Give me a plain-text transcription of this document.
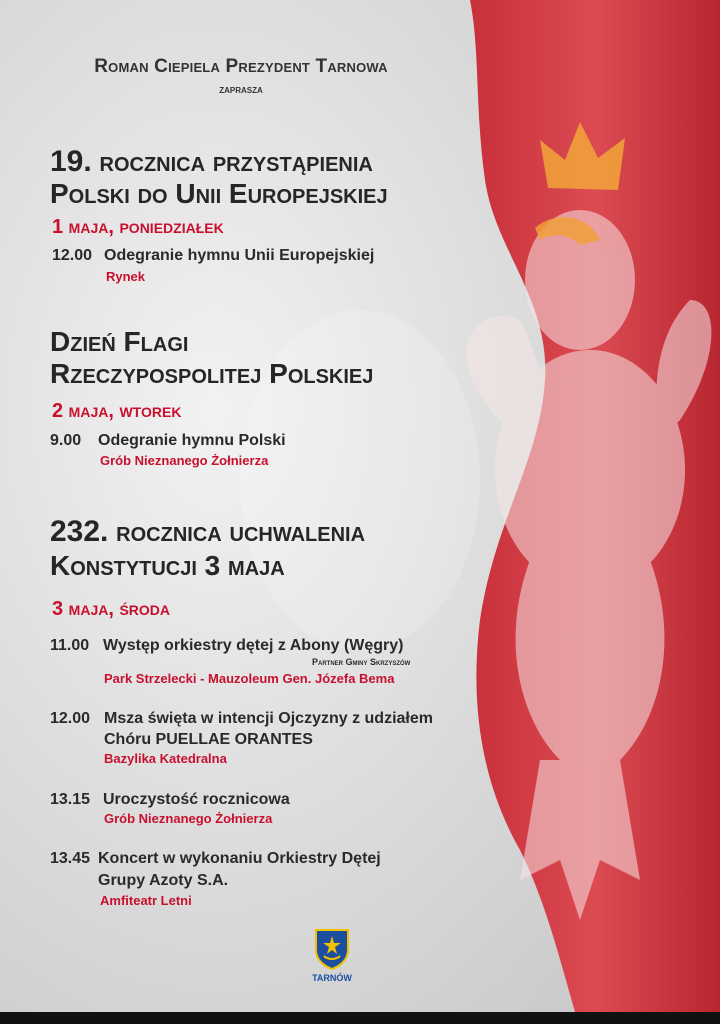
Roman Ciepiela Prezydent Tarnowa
zaprasza
19. rocznica przystąpienia
Polski do Unii Europejskiej
1 maja, poniedziałek
12.00 Odegranie hymnu Unii Europejskiej
Rynek
Dzień Flagi
Rzeczypospolitej Polskiej
2 maja, wtorek
9.00 Odegranie hymnu Polski
Grób Nieznanego Żołnierza
232. rocznica uchwalenia
Konstytucji 3 maja
3 maja, środa
11.00 Występ orkiestry dętej z Abony (Węgry)
Partner Gminy Skrzyszów
Park Strzelecki - Mauzoleum Gen. Józefa Bema
12.00 Msza święta w intencji Ojczyzny z udziałem
Chóru PUELLAE ORANTES
Bazylika Katedralna
13.15 Uroczystość rocznicowa
Grób Nieznanego Żołnierza
13.45 Koncert w wykonaniu Orkiestry Dętej
Grupy Azoty S.A.
Amfiteatr Letni
TARNÓW
